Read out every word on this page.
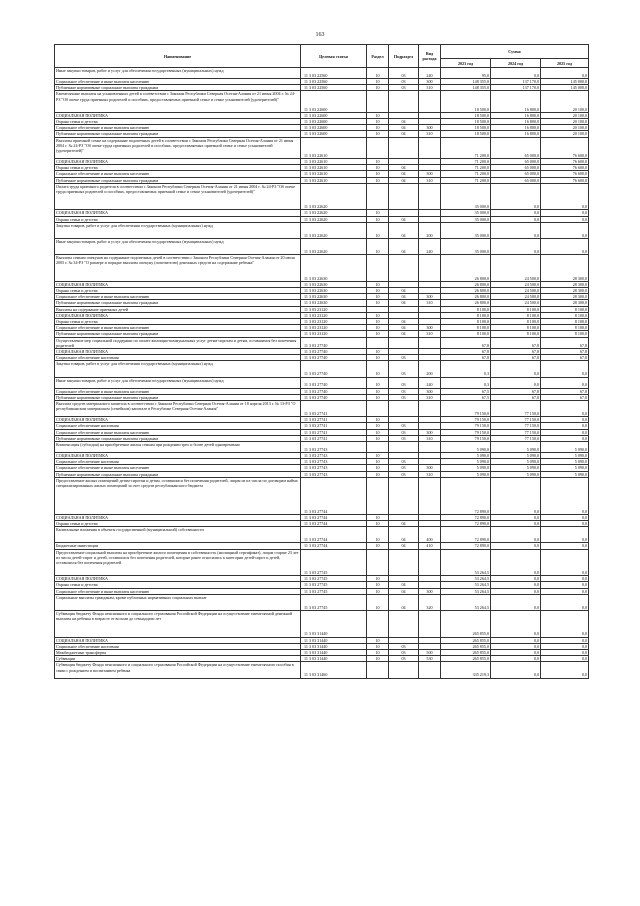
163
Наименование	Целевая статья	Раздел	Подраздел	Вид расхода	Сумма		
					2023 год	2024 год	2025 год
Иные закупки товаров, работ и услуг для обеспечения государственных (муниципальных) нужд	11 3 03 22560	10	03	240	95,0	0,0	0,0
Социальное обеспечение и иные выплаты населению	11 3 03 22560	10	03	300	148 355,0	137 170,0	145 000,0
Публичные нормативные социальные выплаты гражданам	11 3 03 22560	10	03	310	148 355,0	137 170,0	145 000,0
Ежемесячные выплаты на усыновленных детей в соответствии с Законом Республики Северная Осетия-Алания от 21 июня 2004 г. № 24-РЗ "Об опеке труда приемных родителей и пособиях, предоставляемых приемной семье и семье усыновителей (удочерителей)"	11 3 03 22600				18 500,0	16 800,0	20 100,0
СОЦИАЛЬНАЯ ПОЛИТИКА	11 3 03 22600	10			18 500,0	16 800,0	20 100,0
Охрана семьи и детства	11 3 03 22600	10	04		18 500,0	16 800,0	20 100,0
Социальное обеспечение и иные выплаты населению	11 3 03 22600	10	04	300	18 500,0	16 800,0	20 100,0
Публичные нормативные социальные выплаты гражданам	11 3 03 22600	10	04	310	18 500,0	16 800,0	20 100,0
Выплаты приемной семье на содержание подопечных детей в соответствии с Законом Республики Северная Осетия-Алания от 21 июня 2004 г. № 24-РЗ "Об опеке труда приемных родителей и пособиях, предоставляемых приемной семье и семье усыновителей (удочерителей)"	11 3 03 22610				71 200,0	65 000,0	76 600,0
СОЦИАЛЬНАЯ ПОЛИТИКА	11 3 03 22610	10			71 200,0	65 000,0	76 600,0
Охрана семьи и детства	11 3 03 22610	10	04		71 200,0	65 000,0	76 600,0
Социальное обеспечение и иные выплаты населению	11 3 03 22610	10	04	300	71 200,0	65 000,0	76 600,0
Публичные нормативные социальные выплаты гражданам	11 3 03 22610	10	04	310	71 200,0	65 000,0	76 600,0
Оплата труда приемного родителя в соответствии с Законом Республики Северная Осетия-Алания от 21 июня 2004 г. № 24-РЗ "Об опеке труда приемных родителей и пособиях, предоставляемых приемной семье и семье усыновителей (удочерителей)"	11 3 03 22620				35 000,0	0,0	0,0
СОЦИАЛЬНАЯ ПОЛИТИКА	11 3 03 22620	10			35 000,0	0,0	0,0
Охрана семьи и детства	11 3 03 22620	10	04		35 000,0	0,0	0,0
Закупка товаров, работ и услуг для обеспечения государственных (муниципальных) нужд	11 3 03 22620	10	04	200	35 000,0	0,0	0,0
Иные закупки товаров, работ и услуг для обеспечения государственных (муниципальных) нужд	11 3 03 22620	10	04	240	35 000,0	0,0	0,0
Выплаты семьям опекунов на содержание подопечных детей в соответствии с Законом Республики Северная Осетия-Алания от 20 июля 2005 г. № 34-РЗ "О размере и порядке выплаты опекуну (попечителю) денежных средств на содержание ребенка"	11 3 03 22630				26 800,0	24 500,0	28 300,0
СОЦИАЛЬНАЯ ПОЛИТИКА	11 3 03 22630	10			26 800,0	24 500,0	28 300,0
Охрана семьи и детства	11 3 03 22630	10	04		26 800,0	24 500,0	28 300,0
Социальное обеспечение и иные выплаты населению	11 3 03 22630	10	04	300	26 800,0	24 500,0	28 300,0
Публичные нормативные социальные выплаты гражданам	11 3 03 22630	10	04	310	26 800,0	24 500,0	28 300,0
Выплаты на содержание приемных детей	11 3 03 23120				8 100,0	8 100,0	8 100,0
СОЦИАЛЬНАЯ ПОЛИТИКА	11 3 03 23120	10			8 100,0	8 100,0	8 100,0
Охрана семьи и детства	11 3 03 23120	10	04		8 100,0	8 100,0	8 100,0
Социальное обеспечение и иные выплаты населению	11 3 03 23120	10	04	300	8 100,0	8 100,0	8 100,0
Публичные нормативные социальные выплаты гражданам	11 3 03 23120	10	04	310	8 100,0	8 100,0	8 100,0
Осуществление мер социальной поддержки по оплате жилищно-коммунальных услуг детям-сиротам и детям, оставшимся без попечения родителей	11 3 03 27740				67,8	67,8	67,8
СОЦИАЛЬНАЯ ПОЛИТИКА	11 3 03 27740	10			67,8	67,8	67,8
Социальное обеспечение населения	11 3 03 27740	10	03		67,8	67,8	67,8
Закупка товаров, работ и услуг для обеспечения государственных (муниципальных) нужд	11 3 03 27740	10	03	200	0,3	0,0	0,0
Иные закупки товаров, работ и услуг для обеспечения государственных (муниципальных) нужд	11 3 03 27740	10	03	240	0,3	0,0	0,0
Социальное обеспечение и иные выплаты населению	11 3 03 27740	10	03	300	67,5	67,8	67,8
Публичные нормативные социальные выплаты гражданам	11 3 03 27740	10	03	310	67,5	67,8	67,8
Выплата средств материнского капитала в соответствии с Законом Республики Северная Осетия-Алания от 18 апреля 2013 г. № 13-РЗ "О республиканском материнском (семейном) капитале в Республике Северная Осетия-Алания"	11 3 03 27741				79 150,0	77 150,0	0,0
СОЦИАЛЬНАЯ ПОЛИТИКА	11 3 03 27741	10			79 150,0	77 150,0	0,0
Социальное обеспечение населения	11 3 03 27741	10	03		79 150,0	77 150,0	0,0
Социальное обеспечение и иные выплаты населению	11 3 03 27741	10	03	300	79 150,0	77 150,0	0,0
Публичные нормативные социальные выплаты гражданам	11 3 03 27741	10	03	310	79 150,0	77 150,0	0,0
Компенсация (субсидия) на приобретение жилья семьям при рождении трех и более детей одновременно	11 3 03 27743				5 090,0	5 090,0	5 090,0
СОЦИАЛЬНАЯ ПОЛИТИКА	11 3 03 27743	10			5 090,0	5 090,0	5 090,0
Социальное обеспечение населения	11 3 03 27743	10	03		5 090,0	5 090,0	5 090,0
Социальное обеспечение и иные выплаты населению	11 3 03 27743	10	03	300	5 090,0	5 090,0	5 090,0
Публичные нормативные социальные выплаты гражданам	11 3 03 27743	10	03	310	5 090,0	5 090,0	5 090,0
Предоставление жилых помещений детям-сиротам и детям, оставшимся без попечения родителей, лицам из их числа по договорам найма специализированных жилых помещений за счет средств республиканского бюджета	11 3 03 27744				72 890,0	0,0	0,0
СОЦИАЛЬНАЯ ПОЛИТИКА	11 3 03 27744	10			72 890,0	0,0	0,0
Охрана семьи и детства	11 3 03 27744	10	04		72 890,0	0,0	0,0
Капитальные вложения в объекты государственной (муниципальной) собственности	11 3 03 27744	10	04	400	72 890,0	0,0	0,0
Бюджетные инвестиции	11 3 03 27744	10	04	410	72 890,0	0,0	0,0
Предоставление социальной выплаты на приобретение жилого помещения в собственность (жилищный сертификат), лицам старше 23 лет из числа детей-сирот и детей, оставшихся без попечения родителей, которые ранее относились к категории детей-сирот и детей, оставшихся без попечения родителей	11 3 03 27745				53 264,5	0,0	0,0
СОЦИАЛЬНАЯ ПОЛИТИКА	11 3 03 27745	10			53 264,5	0,0	0,0
Охрана семьи и детства	11 3 03 27745	10	04		53 264,5	0,0	0,0
Социальное обеспечение и иные выплаты населению	11 3 03 27745	10	04	300	53 264,5	0,0	0,0
Социальные выплаты гражданам, кроме публичных нормативных социальных выплат	11 3 03 27745	10	04	320	53 264,5	0,0	0,0
Субвенция бюджету Фонда пенсионного и социального страхования Российской Федерации на осуществление ежемесячной денежной выплаты на ребенка в возрасте от восьми до семнадцати лет	11 3 03 31440				265 855,0	0,0	0,0
СОЦИАЛЬНАЯ ПОЛИТИКА	11 3 03 31440	10			265 855,0	0,0	0,0
Социальное обеспечение населения	11 3 03 31440	10	03		265 855,0	0,0	0,0
Межбюджетные трансферты	11 3 03 31440	10	03	500	265 855,0	0,0	0,0
Субвенции	11 3 03 31440	10	03	530	265 855,0	0,0	0,0
Субвенция бюджету Фонда пенсионного и социального страхования Российской Федерации на осуществление ежемесячного пособия в связи с рождением и воспитанием ребенка	11 3 03 31460				335 219,3	0,0	0,0
